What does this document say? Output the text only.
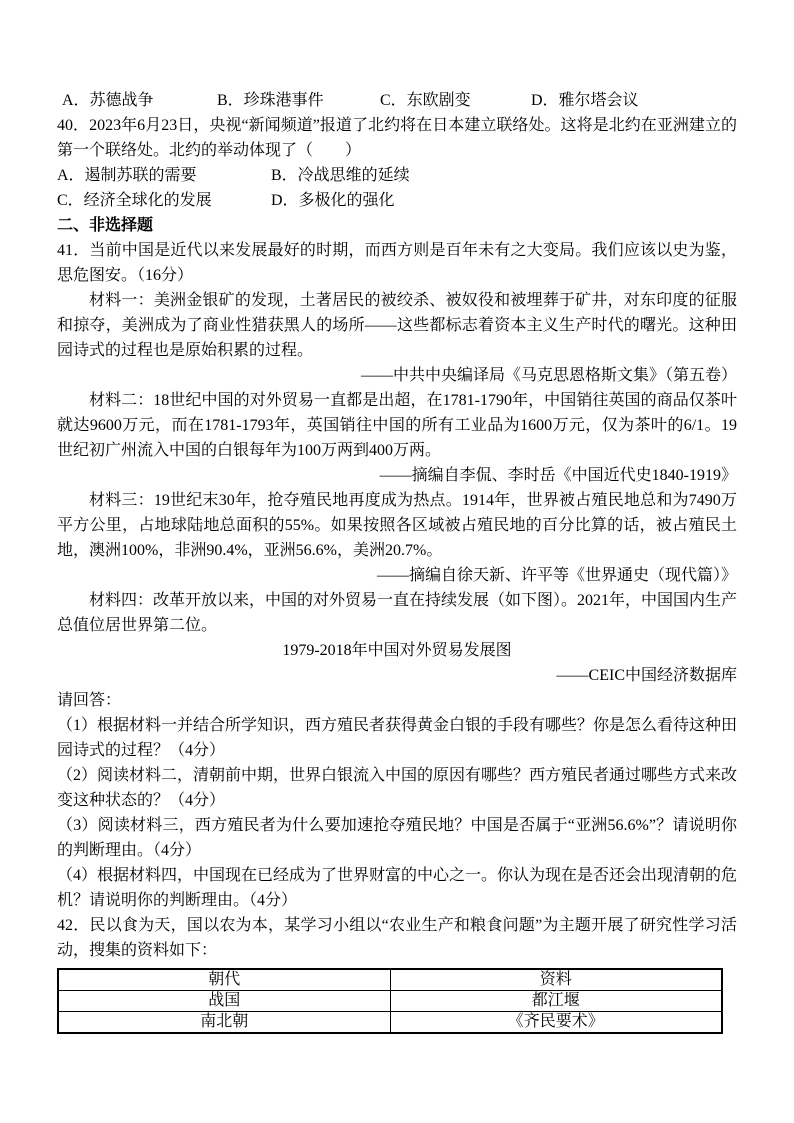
A．苏德战争	B．珍珠港事件	C．东欧剧变	D．雅尔塔会议

40．2023年6月23日，央视“新闻频道”报道了北约将在日本建立联络处。这将是北约在亚洲建立的第一个联络处。北约的举动体现了（　　）

A．遏制苏联的需要	B．冷战思维的延续

C．经济全球化的发展	D．多极化的强化

二、非选择题

41．当前中国是近代以来发展最好的时期，而西方则是百年未有之大变局。我们应该以史为鉴，思危图安。（16分）

材料一：美洲金银矿的发现，土著居民的被绞杀、被奴役和被埋葬于矿井，对东印度的征服和掠夺，美洲成为了商业性猎获黑人的场所——这些都标志着资本主义生产时代的曙光。这种田园诗式的过程也是原始积累的过程。

——中共中央编译局《马克思恩格斯文集》（第五卷）

材料二：18世纪中国的对外贸易一直都是出超，在1781-1790年，中国销往英国的商品仅茶叶就达9600万元，而在1781-1793年，英国销往中国的所有工业品为1600万元，仅为茶叶的6/1。19世纪初广州流入中国的白银每年为100万两到400万两。

——摘编自李侃、李时岳《中国近代史1840-1919》

材料三：19世纪末30年，抢夺殖民地再度成为热点。1914年，世界被占殖民地总和为7490万平方公里，占地球陆地总面积的55%。如果按照各区域被占殖民地的百分比算的话，被占殖民土地，澳洲100%，非洲90.4%，亚洲56.6%，美洲20.7%。

——摘编自徐天新、许平等《世界通史（现代篇）》

材料四：改革开放以来，中国的对外贸易一直在持续发展（如下图）。2021年，中国国内生产总值位居世界第二位。

1979-2018年中国对外贸易发展图

——CEIC中国经济数据库

请回答：

（1）根据材料一并结合所学知识，西方殖民者获得黄金白银的手段有哪些？你是怎么看待这种田园诗式的过程？（4分）

（2）阅读材料二，清朝前中期，世界白银流入中国的原因有哪些？西方殖民者通过哪些方式来改变这种状态的？（4分）

（3）阅读材料三，西方殖民者为什么要加速抢夺殖民地？中国是否属于“亚洲56.6%”？请说明你的判断理由。（4分）

（4）根据材料四，中国现在已经成为了世界财富的中心之一。你认为现在是否还会出现清朝的危机？请说明你的判断理由。（4分）

42．民以食为天，国以农为本，某学习小组以“农业生产和粮食问题”为主题开展了研究性学习活动，搜集的资料如下：

朝代	资料
战国	都江堰
南北朝	《齐民要术》
